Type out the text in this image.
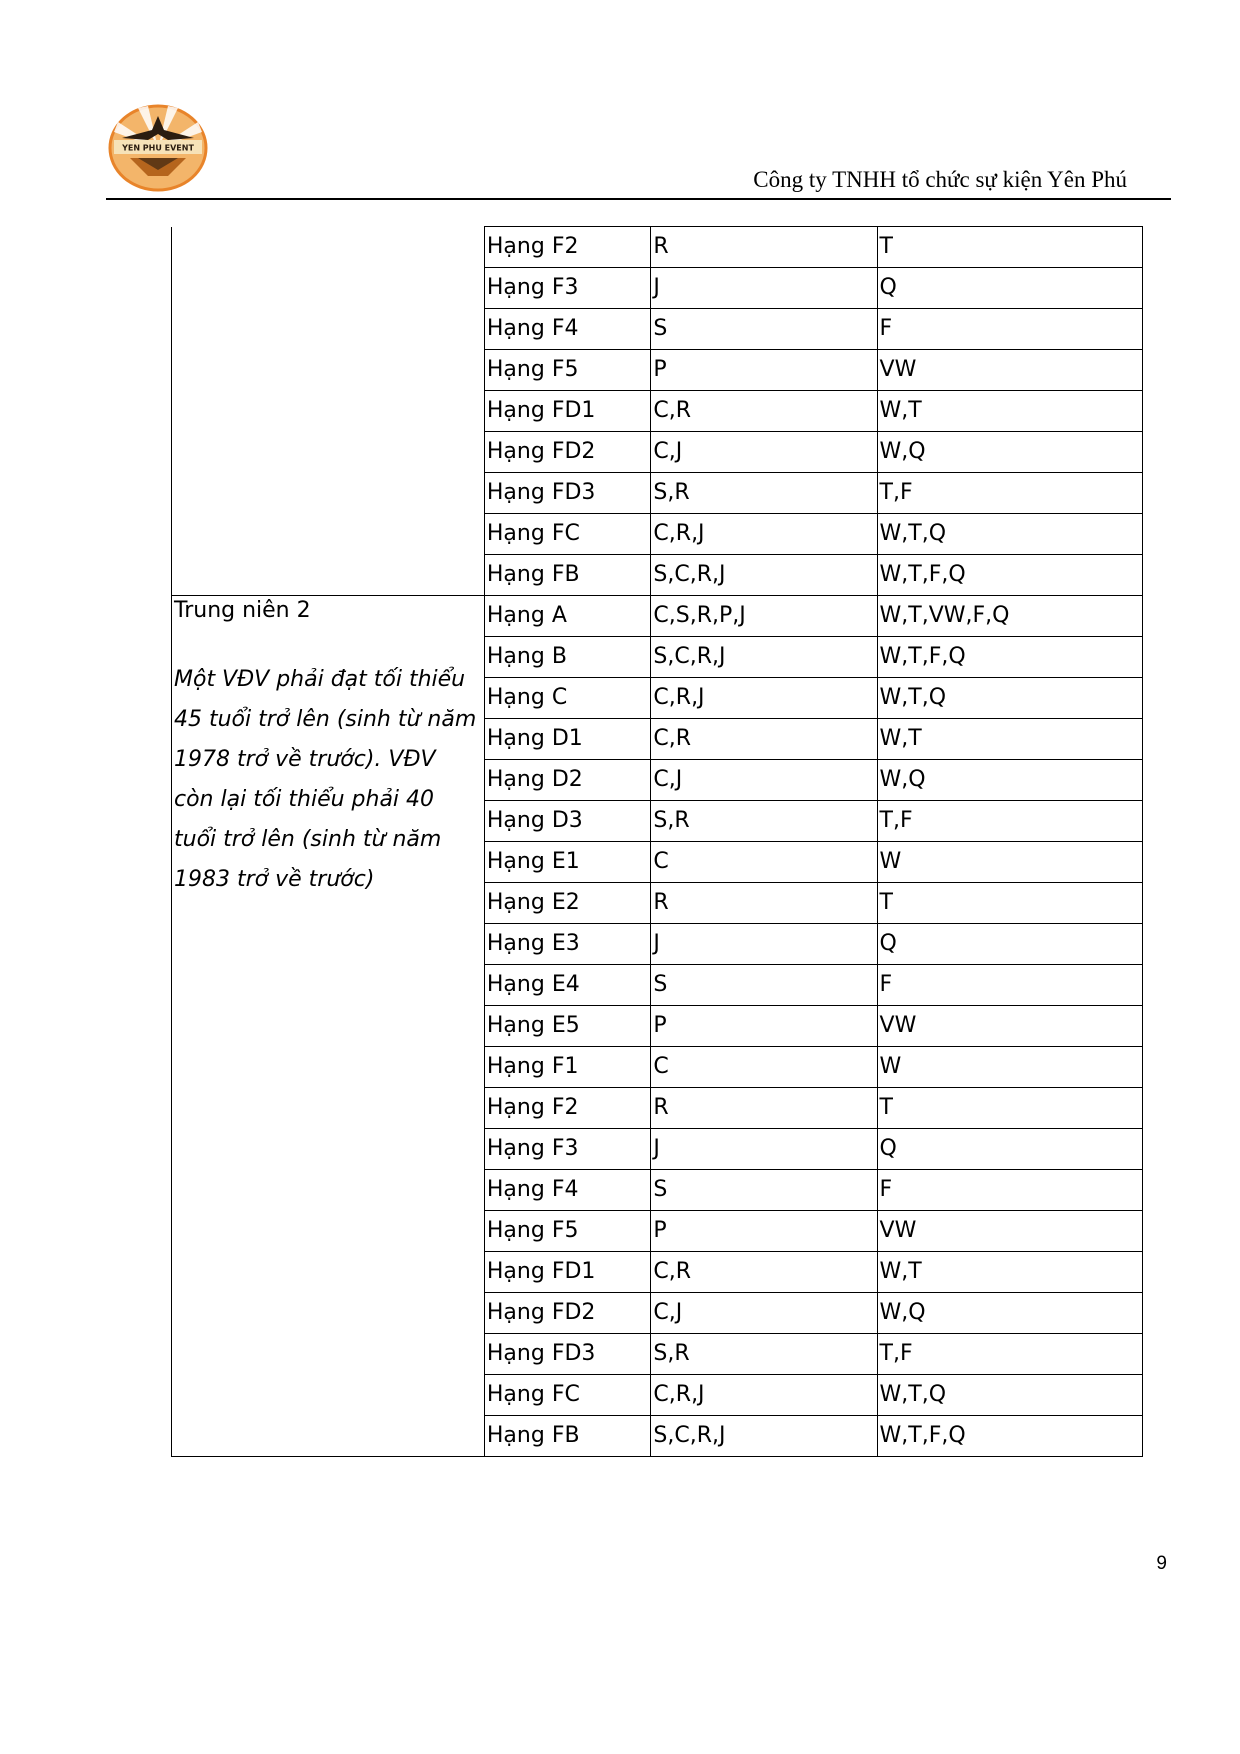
YEN PHU EVENT
Công ty TNHH tổ chức sự kiện Yên Phú
	Hạng F2	R	T
	Hạng F3	J	Q
	Hạng F4	S	F
	Hạng F5	P	VW
	Hạng FD1	C,R	W,T
	Hạng FD2	C,J	W,Q
	Hạng FD3	S,R	T,F
	Hạng FC	C,R,J	W,T,Q
	Hạng FB	S,C,R,J	W,T,F,Q

Trung niên 2
Một VĐV phải đạt tối thiểu 45 tuổi trở lên (sinh từ năm 1978 trở về trước). VĐV còn lại tối thiểu phải 40 tuổi trở lên (sinh từ năm 1983 trở về trước)	Hạng A	C,S,R,P,J	W,T,VW,F,Q
	Hạng B	S,C,R,J	W,T,F,Q
	Hạng C	C,R,J	W,T,Q
	Hạng D1	C,R	W,T
	Hạng D2	C,J	W,Q
	Hạng D3	S,R	T,F
	Hạng E1	C	W
	Hạng E2	R	T
	Hạng E3	J	Q
	Hạng E4	S	F
	Hạng E5	P	VW
	Hạng F1	C	W
	Hạng F2	R	T
	Hạng F3	J	Q
	Hạng F4	S	F
	Hạng F5	P	VW
	Hạng FD1	C,R	W,T
	Hạng FD2	C,J	W,Q
	Hạng FD3	S,R	T,F
	Hạng FC	C,R,J	W,T,Q
	Hạng FB	S,C,R,J	W,T,F,Q
9
